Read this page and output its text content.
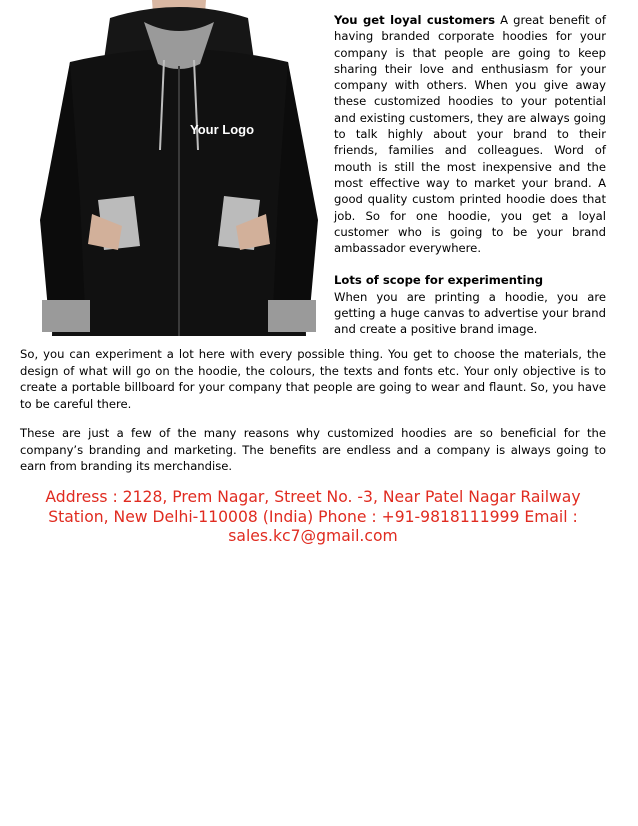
Your Logo

You get loyal customers A great benefit of having branded corporate hoodies for your company is that people are going to keep sharing their love and enthusiasm for your company with others. When you give away these customized hoodies to your potential and existing customers, they are always going to talk highly about your brand to their friends, families and colleagues. Word of mouth is still the most inexpensive and the most effective way to market your brand. A good quality custom printed hoodie does that job. So for one hoodie, you get a loyal customer who is going to be your brand ambassador everywhere.

Lots of scope for experimenting
When you are printing a hoodie, you are getting a huge canvas to advertise your brand and create a positive brand image.

So, you can experiment a lot here with every possible thing. You get to choose the materials, the design of what will go on the hoodie, the colours, the texts and fonts etc. Your only objective is to create a portable billboard for your company that people are going to wear and flaunt. So, you have to be careful there.

These are just a few of the many reasons why customized hoodies are so beneficial for the company’s branding and marketing. The benefits are endless and a company is always going to earn from branding its merchandise.

Address : 2128, Prem Nagar, Street No. -3, Near Patel Nagar Railway Station, New Delhi-110008 (India) Phone : +91-9818111999 Email : sales.kc7@gmail.com
